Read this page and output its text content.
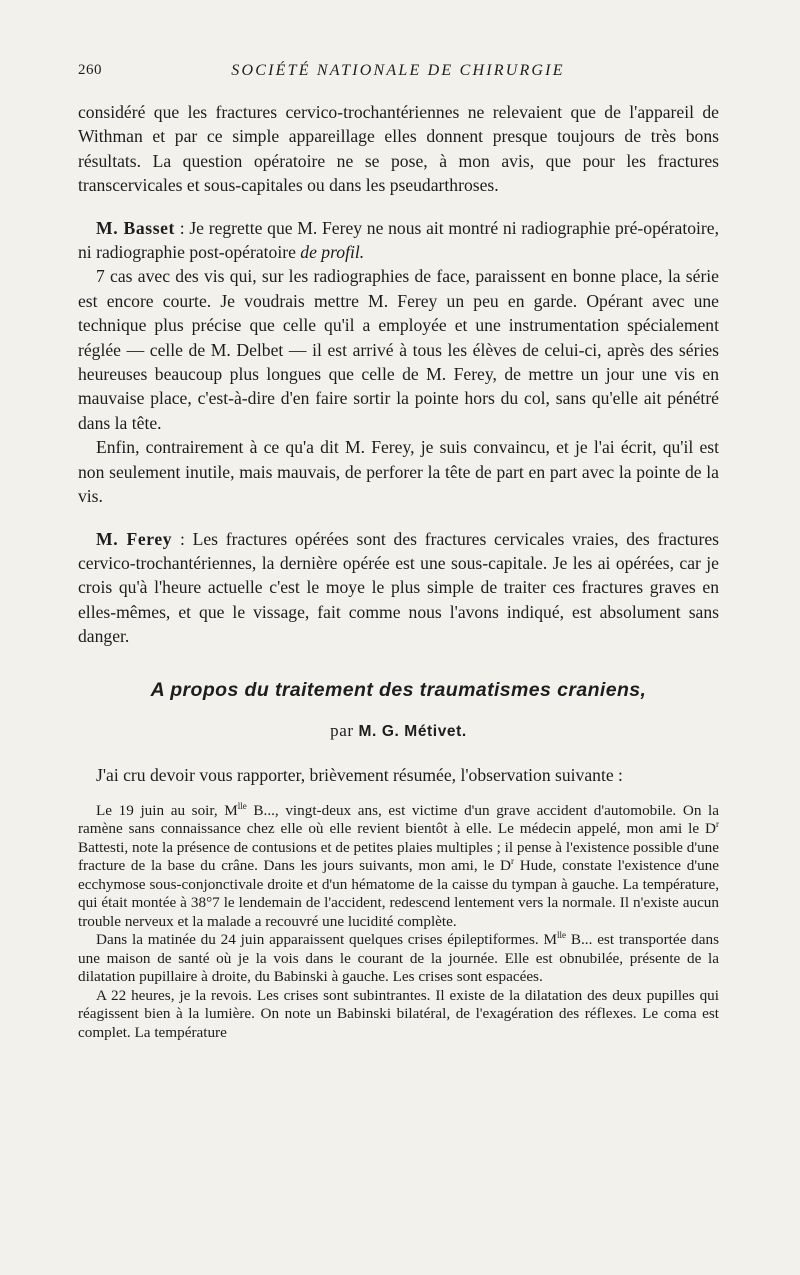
260	SOCIÉTÉ NATIONALE DE CHIRURGIE

considéré que les fractures cervico-trochantériennes ne relevaient que de l'appareil de Withman et par ce simple appareillage elles donnent presque toujours de très bons résultats. La question opératoire ne se pose, à mon avis, que pour les fractures transcervicales et sous-capitales ou dans les pseudarthroses.

M. Basset : Je regrette que M. Ferey ne nous ait montré ni radiographie pré-opératoire, ni radiographie post-opératoire de profil.

7 cas avec des vis qui, sur les radiographies de face, paraissent en bonne place, la série est encore courte. Je voudrais mettre M. Ferey un peu en garde. Opérant avec une technique plus précise que celle qu'il a employée et une instrumentation spécialement réglée — celle de M. Delbet — il est arrivé à tous les élèves de celui-ci, après des séries heureuses beaucoup plus longues que celle de M. Ferey, de mettre un jour une vis en mauvaise place, c'est-à-dire d'en faire sortir la pointe hors du col, sans qu'elle ait pénétré dans la tête.

Enfin, contrairement à ce qu'a dit M. Ferey, je suis convaincu, et je l'ai écrit, qu'il est non seulement inutile, mais mauvais, de perforer la tête de part en part avec la pointe de la vis.

M. Ferey : Les fractures opérées sont des fractures cervicales vraies, des fractures cervico-trochantériennes, la dernière opérée est une sous-capitale. Je les ai opérées, car je crois qu'à l'heure actuelle c'est le moye le plus simple de traiter ces fractures graves en elles-mêmes, et que le vissage, fait comme nous l'avons indiqué, est absolument sans danger.

A propos du traitement des traumatismes craniens,
par M. G. Métivet.

J'ai cru devoir vous rapporter, brièvement résumée, l'observation suivante :

Le 19 juin au soir, $M^{lle}$ B..., vingt-deux ans, est victime d'un grave accident d'automobile. On la ramène sans connaissance chez elle où elle revient bientôt à elle. Le médecin appelé, mon ami le $D^r$ Battesti, note la présence de contusions et de petites plaies multiples ; il pense à l'existence possible d'une fracture de la base du crâne. Dans les jours suivants, mon ami, le $D^r$ Hude, constate l'existence d'une ecchymose sous-conjonctivale droite et d'un hématome de la caisse du tympan à gauche. La température, qui était montée à 38°7 le lendemain de l'accident, redescend lentement vers la normale. Il n'existe aucun trouble nerveux et la malade a recouvré une lucidité complète.

Dans la matinée du 24 juin apparaissent quelques crises épileptiformes. $M^{lle}$ B... est transportée dans une maison de santé où je la vois dans le courant de la journée. Elle est obnubilée, présente de la dilatation pupillaire à droite, du Babinski à gauche. Les crises sont espacées.

A 22 heures, je la revois. Les crises sont subintrantes. Il existe de la dilatation des deux pupilles qui réagissent bien à la lumière. On note un Babinski bilatéral, de l'exagération des réflexes. Le coma est complet. La température
